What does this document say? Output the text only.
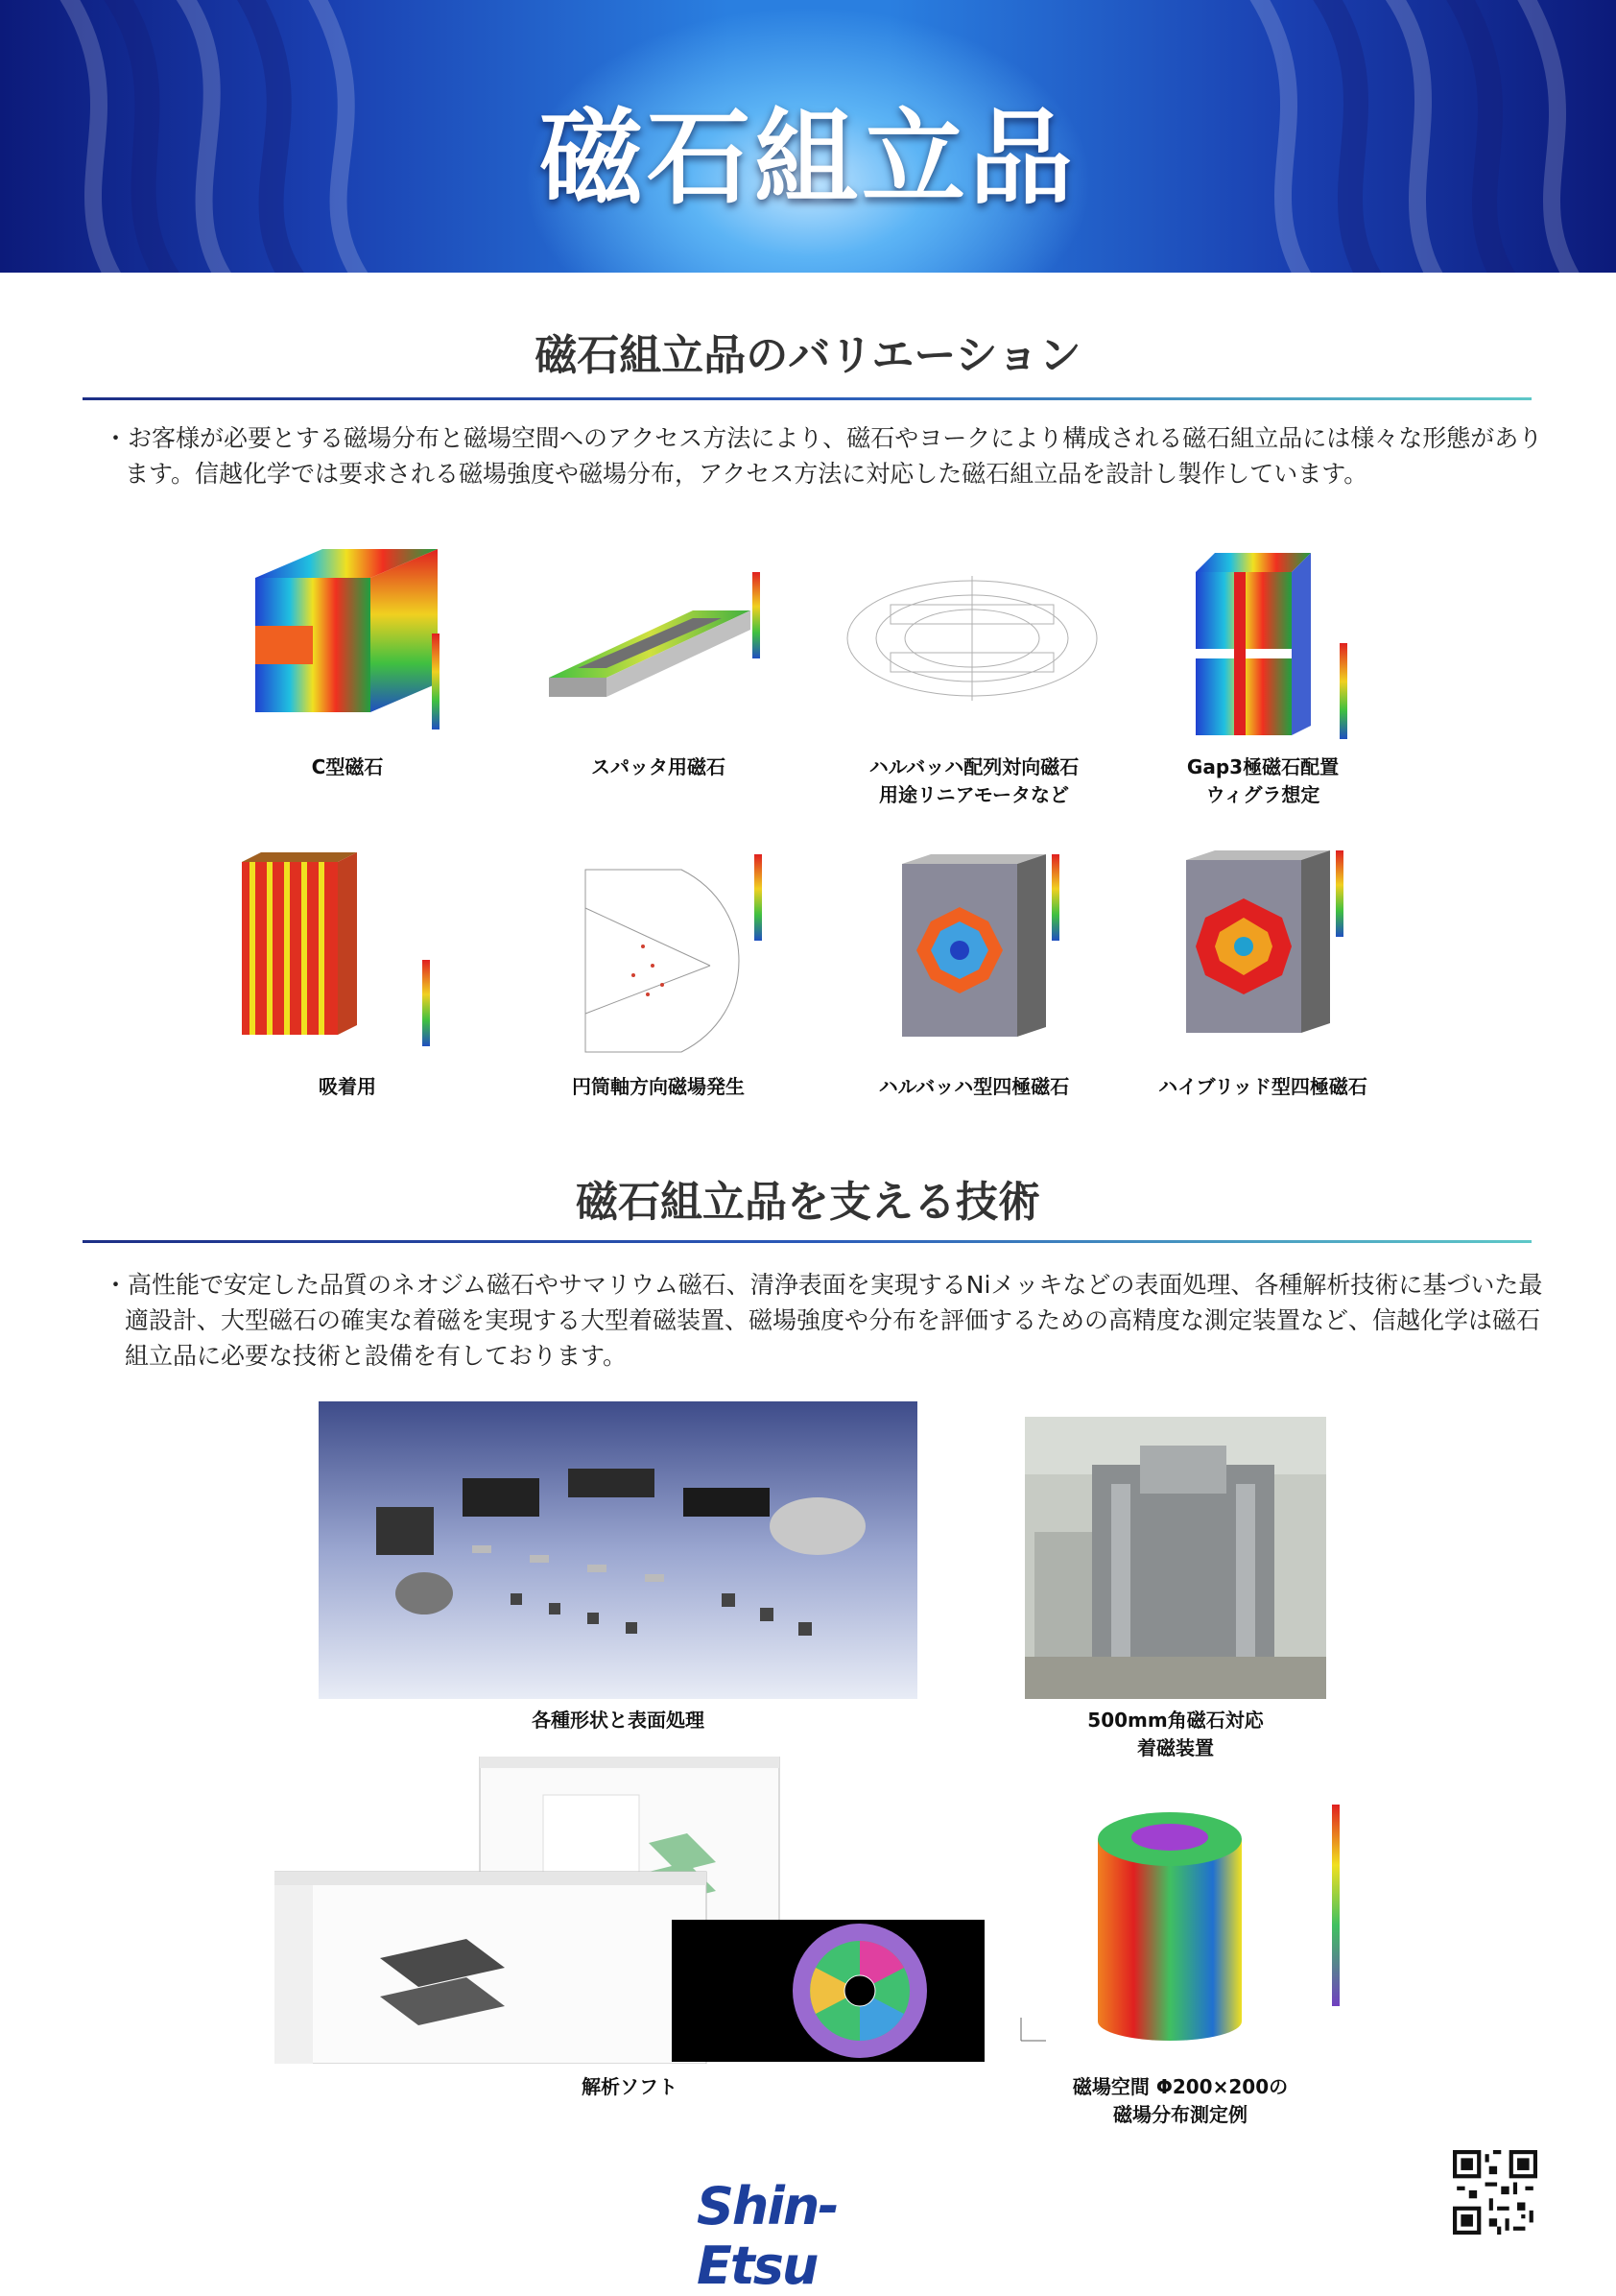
磁石組立品
磁石組立品のバリエーション
・お客様が必要とする磁場分布と磁場空間へのアクセス方法により、磁石やヨークにより構成される磁石組立品には様々な形態があります。信越化学では要求される磁場強度や磁場分布，アクセス方法に対応した磁石組立品を設計し製作しています。
C型磁石	スパッタ用磁石	ハルバッハ配列対向磁石
用途リニアモータなど
Gap3極磁石配置
ウィグラ想定
吸着用	円筒軸方向磁場発生	ハルバッハ型四極磁石	ハイブリッド型四極磁石
磁石組立品を支える技術
・高性能で安定した品質のネオジム磁石やサマリウム磁石、清浄表面を実現するNiメッキなどの表面処理、各種解析技術に基づいた最適設計、大型磁石の確実な着磁を実現する大型着磁装置、磁場強度や分布を評価するための高精度な測定装置など、信越化学は磁石組立品に必要な技術と設備を有しております。
各種形状と表面処理	500mm角磁石対応
着磁装置
解析ソフト	磁場空間 Φ200×200の
磁場分布測定例
Shin-Etsu
